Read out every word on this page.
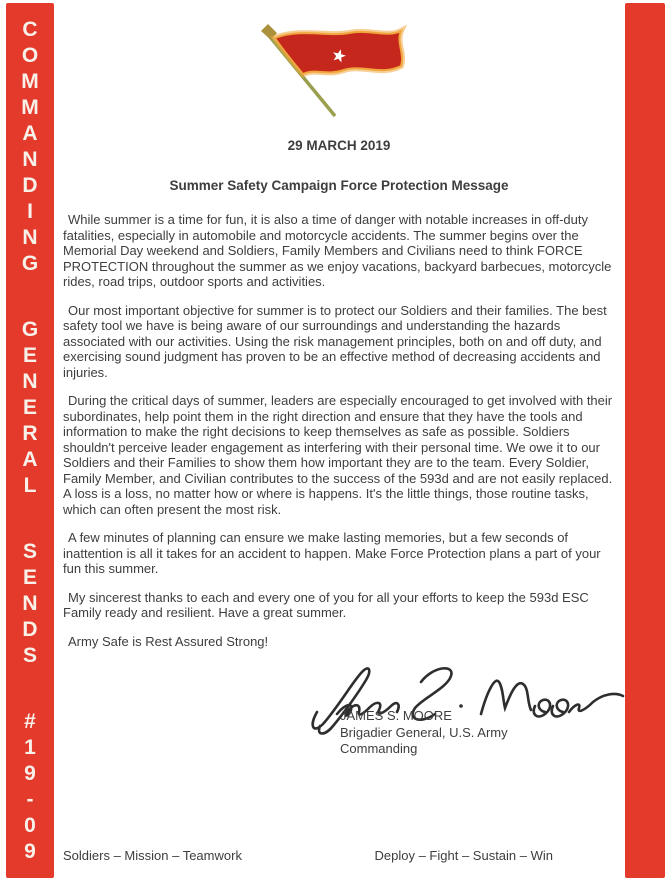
C
O
M
M
A
N
D
I
N
G
G
E
N
E
R
A
L
S
E
N
D
S
#
1
9
-
0
9
29 MARCH 2019
Summer Safety Campaign Force Protection Message

While summer is a time for fun, it is also a time of danger with notable increases in off-duty fatalities, especially in automobile and motorcycle accidents. The summer begins over the Memorial Day weekend and Soldiers, Family Members and Civilians need to think FORCE PROTECTION throughout the summer as we enjoy vacations, backyard barbecues, motorcycle rides, road trips, outdoor sports and activities.

Our most important objective for summer is to protect our Soldiers and their families. The best safety tool we have is being aware of our surroundings and understanding the hazards associated with our activities. Using the risk management principles, both on and off duty, and exercising sound judgment has proven to be an effective method of decreasing accidents and injuries.

During the critical days of summer, leaders are especially encouraged to get involved with their subordinates, help point them in the right direction and ensure that they have the tools and information to make the right decisions to keep themselves as safe as possible. Soldiers shouldn't perceive leader engagement as interfering with their personal time. We owe it to our Soldiers and their Families to show them how important they are to the team. Every Soldier, Family Member, and Civilian contributes to the success of the 593d and are not easily replaced. A loss is a loss, no matter how or where is happens. It's the little things, those routine tasks, which can often present the most risk.

A few minutes of planning can ensure we make lasting memories, but a few seconds of inattention is all it takes for an accident to happen. Make Force Protection plans a part of your fun this summer.

My sincerest thanks to each and every one of you for all your efforts to keep the 593d ESC Family ready and resilient. Have a great summer.

Army Safe is Rest Assured Strong!

JAMES S. MOORE
Brigadier General, U.S. Army
Commanding
Soldiers – Mission – Teamwork	Deploy – Fight – Sustain – Win
